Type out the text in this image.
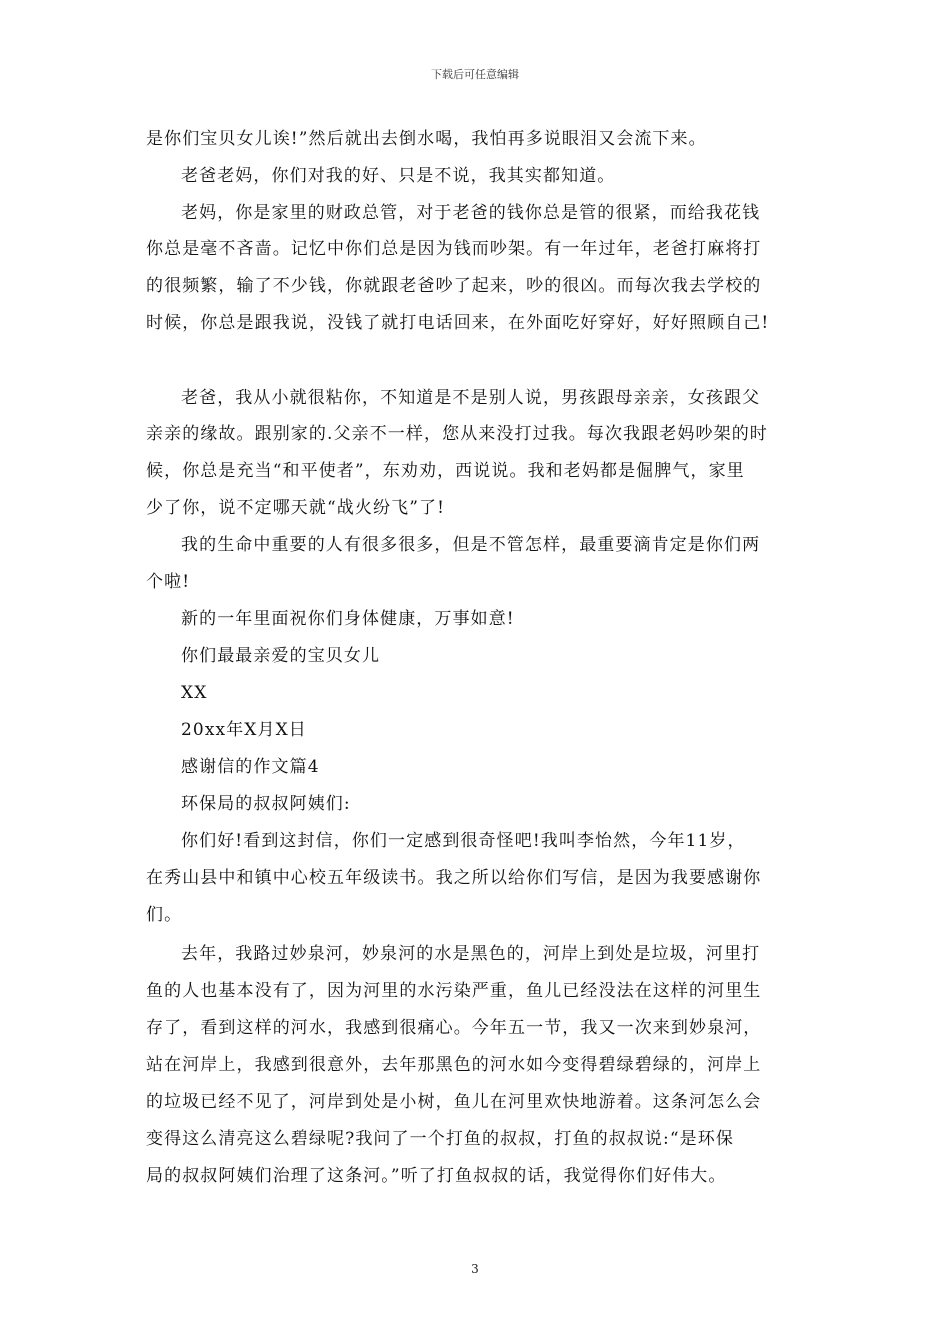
下载后可任意编辑
是你们宝贝女儿诶!”然后就出去倒水喝，我怕再多说眼泪又会流下来。
老爸老妈，你们对我的好、只是不说，我其实都知道。
老妈，你是家里的财政总管，对于老爸的钱你总是管的很紧，而给我花钱
你总是毫不吝啬。记忆中你们总是因为钱而吵架。有一年过年，老爸打麻将打
的很频繁，输了不少钱，你就跟老爸吵了起来，吵的很凶。而每次我去学校的
时候，你总是跟我说，没钱了就打电话回来，在外面吃好穿好，好好照顾自己!
老爸，我从小就很粘你，不知道是不是别人说，男孩跟母亲亲，女孩跟父
亲亲的缘故。跟别家的.父亲不一样，您从来没打过我。每次我跟老妈吵架的时
候，你总是充当“和平使者”，东劝劝，西说说。我和老妈都是倔脾气，家里
少了你，说不定哪天就“战火纷飞”了!
我的生命中重要的人有很多很多，但是不管怎样，最重要滴肯定是你们两
个啦!
新的一年里面祝你们身体健康，万事如意!
你们最最亲爱的宝贝女儿
XX
20xx年X月X日
感谢信的作文篇4
环保局的叔叔阿姨们:
你们好!看到这封信，你们一定感到很奇怪吧!我叫李怡然，今年11岁，
在秀山县中和镇中心校五年级读书。我之所以给你们写信，是因为我要感谢你
们。
去年，我路过妙泉河，妙泉河的水是黑色的，河岸上到处是垃圾，河里打
鱼的人也基本没有了，因为河里的水污染严重，鱼儿已经没法在这样的河里生
存了，看到这样的河水，我感到很痛心。今年五一节，我又一次来到妙泉河，
站在河岸上，我感到很意外，去年那黑色的河水如今变得碧绿碧绿的，河岸上
的垃圾已经不见了，河岸到处是小树，鱼儿在河里欢快地游着。这条河怎么会
变得这么清亮这么碧绿呢?我问了一个打鱼的叔叔，打鱼的叔叔说:“是环保
局的叔叔阿姨们治理了这条河。”听了打鱼叔叔的话，我觉得你们好伟大。
3
